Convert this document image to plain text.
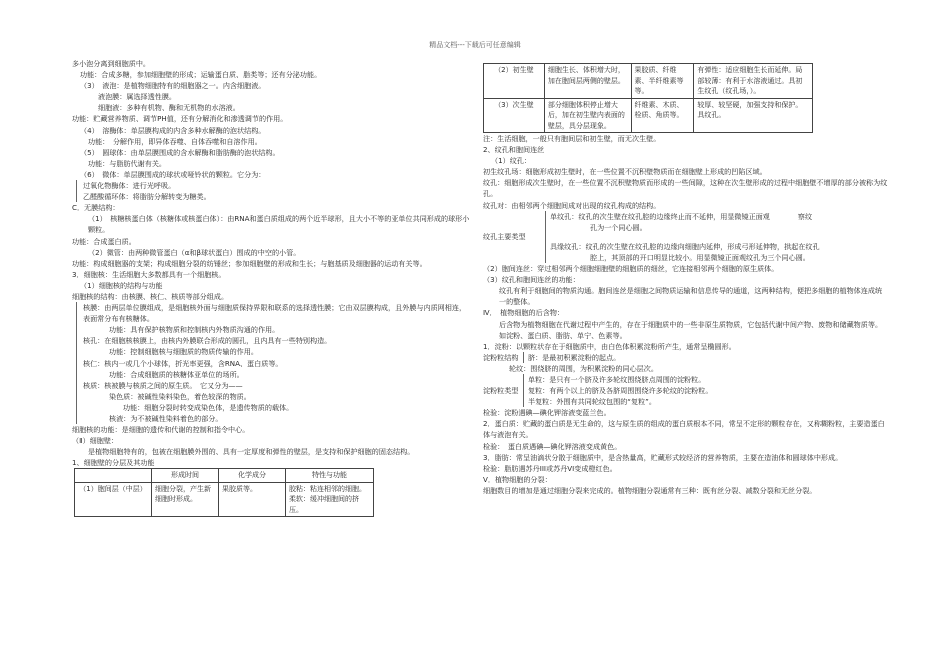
精品文档---下载后可任意编辑
多小泡分离到细胞质中。
功能：合成多糖，参加细胞壁的形成；运输蛋白质、脂类等；还有分泌功能。
（3）　液泡：是植物细胞特有的细胞器之一。内含细胞液。
液泡膜：属选择透性膜。
细胞液：多种有机物、酶和无机物的水溶液。
功能：贮藏营养物质、调节PH值，还有分解消化和渗透调节的作用。
（4）　溶酶体：单层膜构成的内含多种水解酶的泡状结构。
功能：　分解作用，即异体吞噬、自体吞噬和自溶作用。
（5）　圆球体：由单层膜围成的含水解酶和脂肪酶的泡状结构。
功能：与脂肪代谢有关。
（6）　微体：单层膜围成的球状或哑铃状的颗粒。它分为：
过氧化物酶体：进行光呼吸。
乙醛酸循环体：将脂肪分解转变为糖类。
C．无膜结构：
（1）　核糖核蛋白体（核糖体或核蛋白体）：由RNA和蛋白质组成的两个近半球形，且大小不等的亚单位共同形成的球形小颗粒。
功能：合成蛋白质。
（2）微管：由两种微管蛋白（α和β球状蛋白）围成的中空的小管。
功能：构成细胞器的支架；构成细胞分裂的纺锤丝；参加细胞壁的形成和生长；与胞基质及细胞器的运动有关等。
3．细胞核：生活细胞大多数都具有一个细胞核。
（1）细胞核的结构与功能
细胞核的结构：由核膜、核仁、核质等部分组成。
核膜：由两层单位膜组成，是细胞核外面与细胞质保持界限和联系的选择透性膜；它由双层膜构成，且外膜与内质网相连，表面常分布有核糖体。
功能：具有保护核物质和控制核内外物质沟通的作用。
核孔：在细胞核核膜上，由核内外膜联合形成的圆孔，且内具有一些特别构造。
功能：控制细胞核与细胞质的物质传输的作用。
核仁：核内一或几个小球体，折光率更强，含RNA、蛋白质等。
功能：合成细胞质的核糖体亚单位的场所。
核质：核被膜与核质之间的原生质。　它又分为——
染色质：被碱性染料染色，着色较深的物质。
功能：细胞分裂时转变成染色体，是遗传物质的载体。
核液：为不被碱性染料着色的部分。
细胞核的功能：是细胞的遗传和代谢的控制和指令中心。
（Ⅱ）细胞壁：
是植物细胞特有的，包被在细胞膜外围的、具有一定厚度和弹性的壁层，是支持和保护细胞的固态结构。
1、细胞壁的分层及其功能
	形成时间	化学成分	特性与功能
（1）胞间层（中层）	细胞分裂，产生新细胞时形成。	果胶质等。	胶粘：粘连相邻的细胞。柔软：缓冲细胞间的挤压。
（2）初生壁	细胞生长、体积增大时，加在胞间层两侧的壁层。	果胶质、纤维素、半纤维素等等。	有弹性：适应细胞生长而延伸。局部较薄：有利于水溶液通过。具初生纹孔（纹孔场，）。
（3）次生壁	部分细胞体积停止增大后，加在初生壁内表面的壁层，具分层现象。	纤维素、木质、栓质、角质等。	较厚、较坚硬，加强支持和保护。具纹孔。
注：生活细胞，一般只有胞间层和初生壁，而无次生壁。
2、纹孔和胞间连丝
（1）纹孔：
初生纹孔场：细胞形成初生壁时，在一些位置不沉积壁物质而在细胞壁上形成的凹陷区域。
纹孔：细胞形成次生壁时，在一些位置不沉积壁物质而形成的一些间隙，这种在次生壁形成的过程中细胞壁不增厚的部分被称为纹孔。
纹孔对：由相邻两个细胞间成对出现的纹孔构成的结构。
纹孔主要类型
单纹孔：纹孔的次生壁在纹孔腔的边缘终止而不延伸，用显微镜正面观	察纹
孔为一个同心圆。
具缘纹孔：纹孔的次生壁在纹孔腔的边缘向细胞内延伸，形成弓形延伸物，拱起在纹孔
腔上，其顶部的开口明显比较小。用显微镜正面观纹孔为三个同心圆。
（2）胞间连丝：穿过相邻两个细胞细胞壁的细胞质的细丝，它连接相邻两个细胞的原生质体。
（3）纹孔和胞间连丝的功能：
纹孔有利于细胞间的物质沟通。胞间连丝是细胞之间物质运输和信息传导的通道，这两种结构，便把多细胞的植物体连成统一的整体。
Ⅳ．　植物细胞的后含物：
后含物为植物细胞在代谢过程中产生的，存在于细胞质中的一些非原生质物质，它包括代谢中间产物、废物和储藏物质等。如淀粉、蛋白质、脂肪、单宁、色素等。
1．淀粉：以颗粒状存在于细胞质中，由白色体积累淀粉所产生，通常呈椭圆形。
淀粉粒结构	脐：是最初积累淀粉的起点。
轮纹：围绕脐的周围，为积累淀粉的同心层次。
淀粉粒类型
单粒：是只有一个脐及许多轮纹围绕脐点周围的淀粉粒。
复粒：有两个以上的脐及各脐周围围绕许多轮纹的淀粉粒。
半复粒：外围有共同轮纹包围的“复粒”。
检验：淀粉遇碘—碘化钾溶液变蓝兰色。
2．蛋白质：贮藏的蛋白质是无生命的，这与原生质的组成的蛋白质根本不同，常呈不定形的颗粒存在，又称糊粉粒，主要造蛋白体与液泡有关。
检验：　蛋白质遇碘—碘化钾溶液变成黄色。
3．脂肪：常呈油滴状分散于细胞质中，是含热量高，贮藏形式较经济的营养物质，主要在造油体和圆球体中形成。
检验：脂肪遇苏丹III或苏丹VI变成橙红色。
V．植物细胞的分裂：
细胞数目的增加是通过细胞分裂来完成的。植物细胞分裂通常有三种：既有丝分裂、减数分裂和无丝分裂。
